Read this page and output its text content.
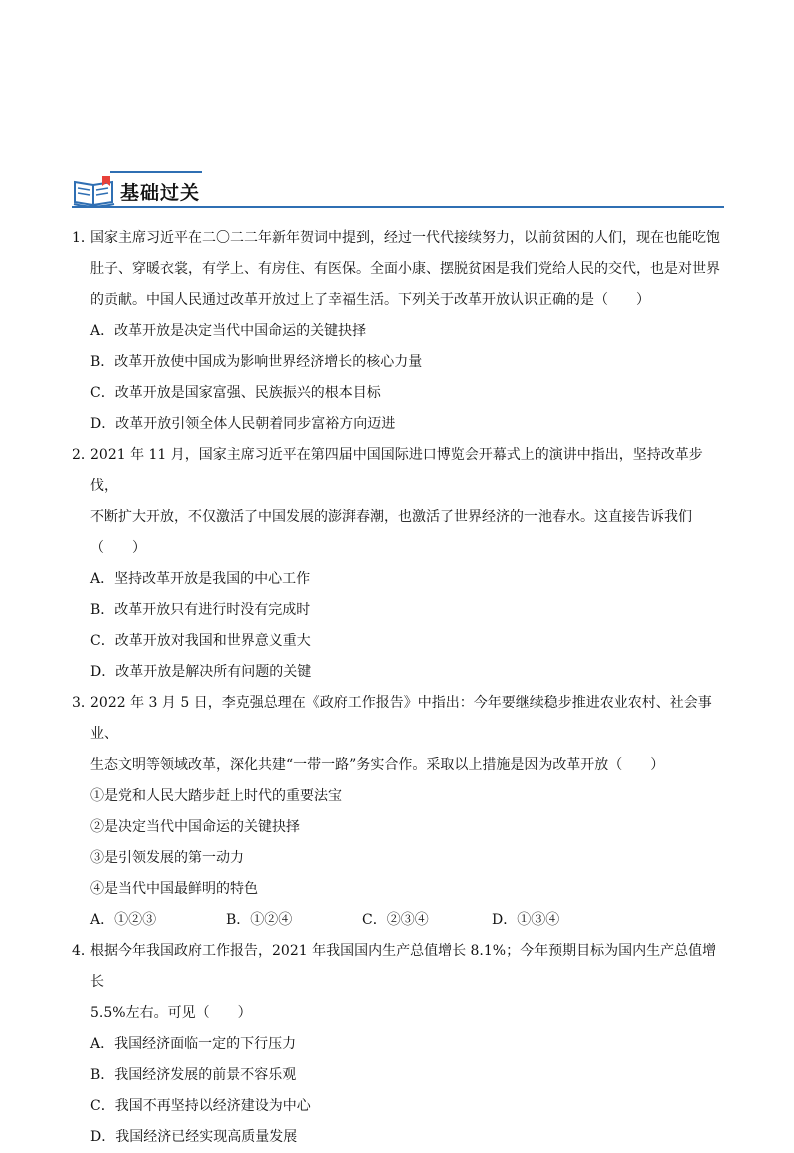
基础过关
1．
国家主席习近平在二〇二二年新年贺词中提到，经过一代代接续努力，以前贫困的人们，现在也能吃饱
肚子、穿暖衣裳，有学上、有房住、有医保。全面小康、摆脱贫困是我们党给人民的交代，也是对世界
的贡献。中国人民通过改革开放过上了幸福生活。下列关于改革开放认识正确的是（　　）
A．改革开放是决定当代中国命运的关键抉择
B．改革开放使中国成为影响世界经济增长的核心力量
C．改革开放是国家富强、民族振兴的根本目标
D．改革开放引领全体人民朝着同步富裕方向迈进
2．
2021 年 11 月，国家主席习近平在第四届中国国际进口博览会开幕式上的演讲中指出，坚持改革步伐，
不断扩大开放，不仅激活了中国发展的澎湃春潮，也激活了世界经济的一池春水。这直接告诉我们（　　）
A．坚持改革开放是我国的中心工作
B．改革开放只有进行时没有完成时
C．改革开放对我国和世界意义重大
D．改革开放是解决所有问题的关键
3．
2022 年 3 月 5 日，李克强总理在《政府工作报告》中指出：今年要继续稳步推进农业农村、社会事业、
生态文明等领域改革，深化共建“一带一路”务实合作。采取以上措施是因为改革开放（　　）
①是党和人民大踏步赶上时代的重要法宝
②是决定当代中国命运的关键抉择
③是引领发展的第一动力
④是当代中国最鲜明的特色
A．①②③	B．①②④	C．②③④	D．①③④
4．
根据今年我国政府工作报告，2021 年我国国内生产总值增长 8.1%；今年预期目标为国内生产总值增长
5.5%左右。可见（　　）
A．我国经济面临一定的下行压力
B．我国经济发展的前景不容乐观
C．我国不再坚持以经济建设为中心
D．我国经济已经实现高质量发展
